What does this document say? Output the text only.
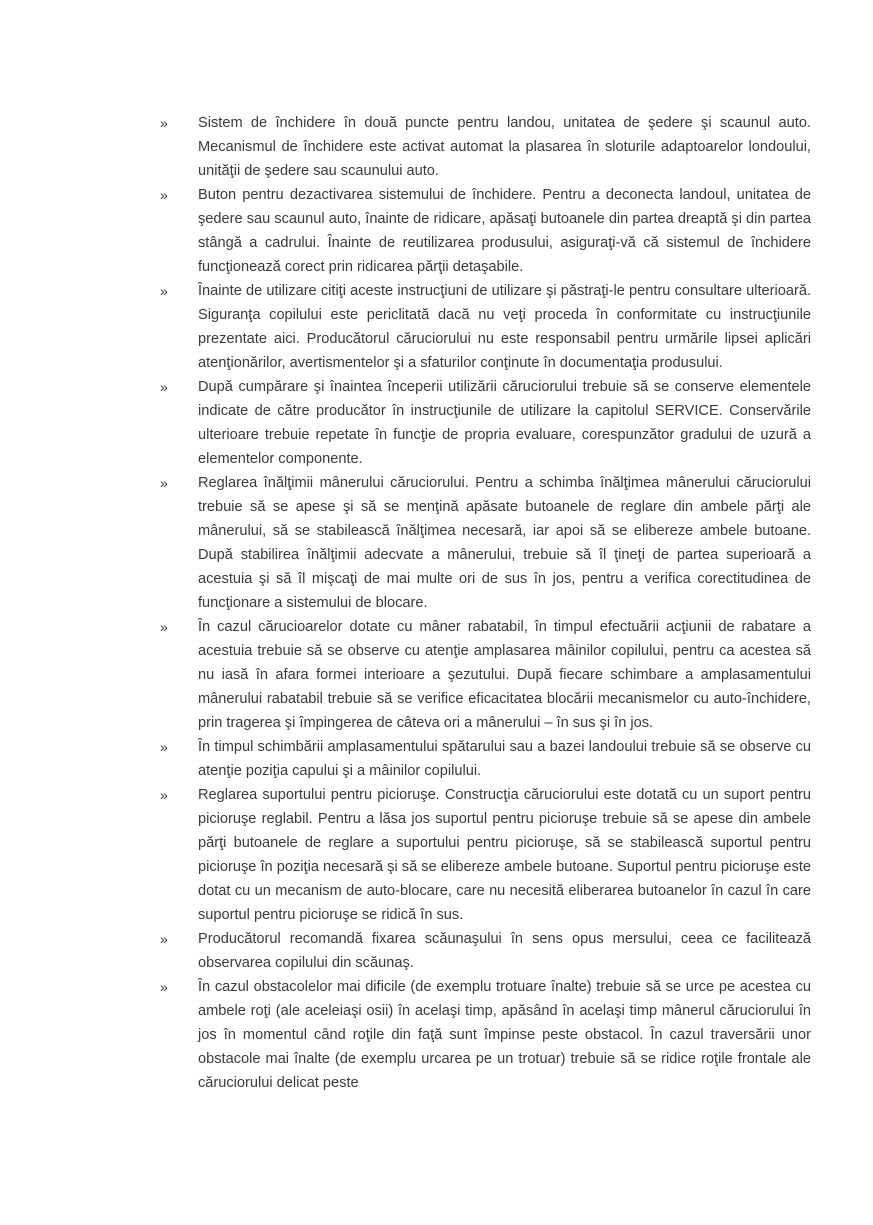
»	Sistem de închidere în două puncte pentru landou, unitatea de şedere şi scaunul auto. Mecanismul de închidere este activat automat la plasarea în sloturile adaptoarelor londoului, unităţii de şedere sau scaunului auto.

»	Buton pentru dezactivarea sistemului de închidere. Pentru a deconecta landoul, unitatea de şedere sau scaunul auto, înainte de ridicare, apăsaţi butoanele din partea dreaptă şi din partea stângă a cadrului. Înainte de reutilizarea produsului, asiguraţi-vă că sistemul de închidere funcţionează corect prin ridicarea părţii detaşabile.

»	Înainte de utilizare citiţi aceste instrucţiuni de utilizare şi păstraţi-le pentru consultare ulterioară. Siguranţa copilului este periclitată dacă nu veţi proceda în conformitate cu instrucţiunile prezentate aici. Producătorul căruciorului nu este responsabil pentru urmările lipsei aplicări atenţionărilor, avertismentelor şi a sfaturilor conţinute în documentaţia produsului.

»	După cumpărare şi înaintea începerii utilizării căruciorului trebuie să se conserve elementele indicate de către producător în instrucţiunile de utilizare la capitolul SERVICE. Conservările ulterioare trebuie repetate în funcţie de propria evaluare, corespunzător gradului de uzură a elementelor componente.

»	Reglarea înălţimii mânerului căruciorului. Pentru a schimba înălţimea mânerului căruciorului trebuie să se apese şi să se menţină apăsate butoanele de reglare din ambele părţi ale mânerului, să se stabilească înălţimea necesară, iar apoi să se elibereze ambele butoane. După stabilirea înălţimii adecvate a mânerului, trebuie să îl ţineţi de partea superioară a acestuia şi să îl mişcaţi de mai multe ori de sus în jos, pentru a verifica corectitudinea de funcţionare a sistemului de blocare.

»	În cazul cărucioarelor dotate cu mâner rabatabil, în timpul efectuării acţiunii de rabatare a acestuia trebuie să se observe cu atenţie amplasarea mâinilor copilului, pentru ca acestea să nu iasă în afara formei interioare a şezutului. După fiecare schimbare a amplasamentului mânerului rabatabil trebuie să se verifice eficacitatea blocării mecanismelor cu auto-închidere, prin tragerea şi împingerea de câteva ori a mânerului – în sus şi în jos.

»	În timpul schimbării amplasamentului spătarului sau a bazei landoului trebuie să se observe cu atenţie poziţia capului şi a mâinilor copilului.

»	Reglarea suportului pentru picioruşe. Construcţia căruciorului este dotată cu un suport pentru picioruşe reglabil. Pentru a lăsa jos suportul pentru picioruşe trebuie să se apese din ambele părţi butoanele de reglare a suportului pentru picioruşe, să se stabilească suportul pentru picioruşe în poziţia necesară şi să se elibereze ambele butoane. Suportul pentru picioruşe este dotat cu un mecanism de auto-blocare, care nu necesită eliberarea butoanelor în cazul în care suportul pentru picioruşe se ridică în sus.

»	Producătorul recomandă fixarea scăunaşului în sens opus mersului, ceea ce facilitează observarea copilului din scăunaş.

»	În cazul obstacolelor mai dificile (de exemplu trotuare înalte) trebuie să se urce pe acestea cu ambele roţi (ale aceleiaşi osii) în acelaşi timp, apăsând în acelaşi timp mânerul căruciorului în jos în momentul când roţile din faţă sunt împinse peste obstacol. În cazul traversării unor obstacole mai înalte (de exemplu urcarea pe un trotuar) trebuie să se ridice roţile frontale ale căruciorului delicat peste
